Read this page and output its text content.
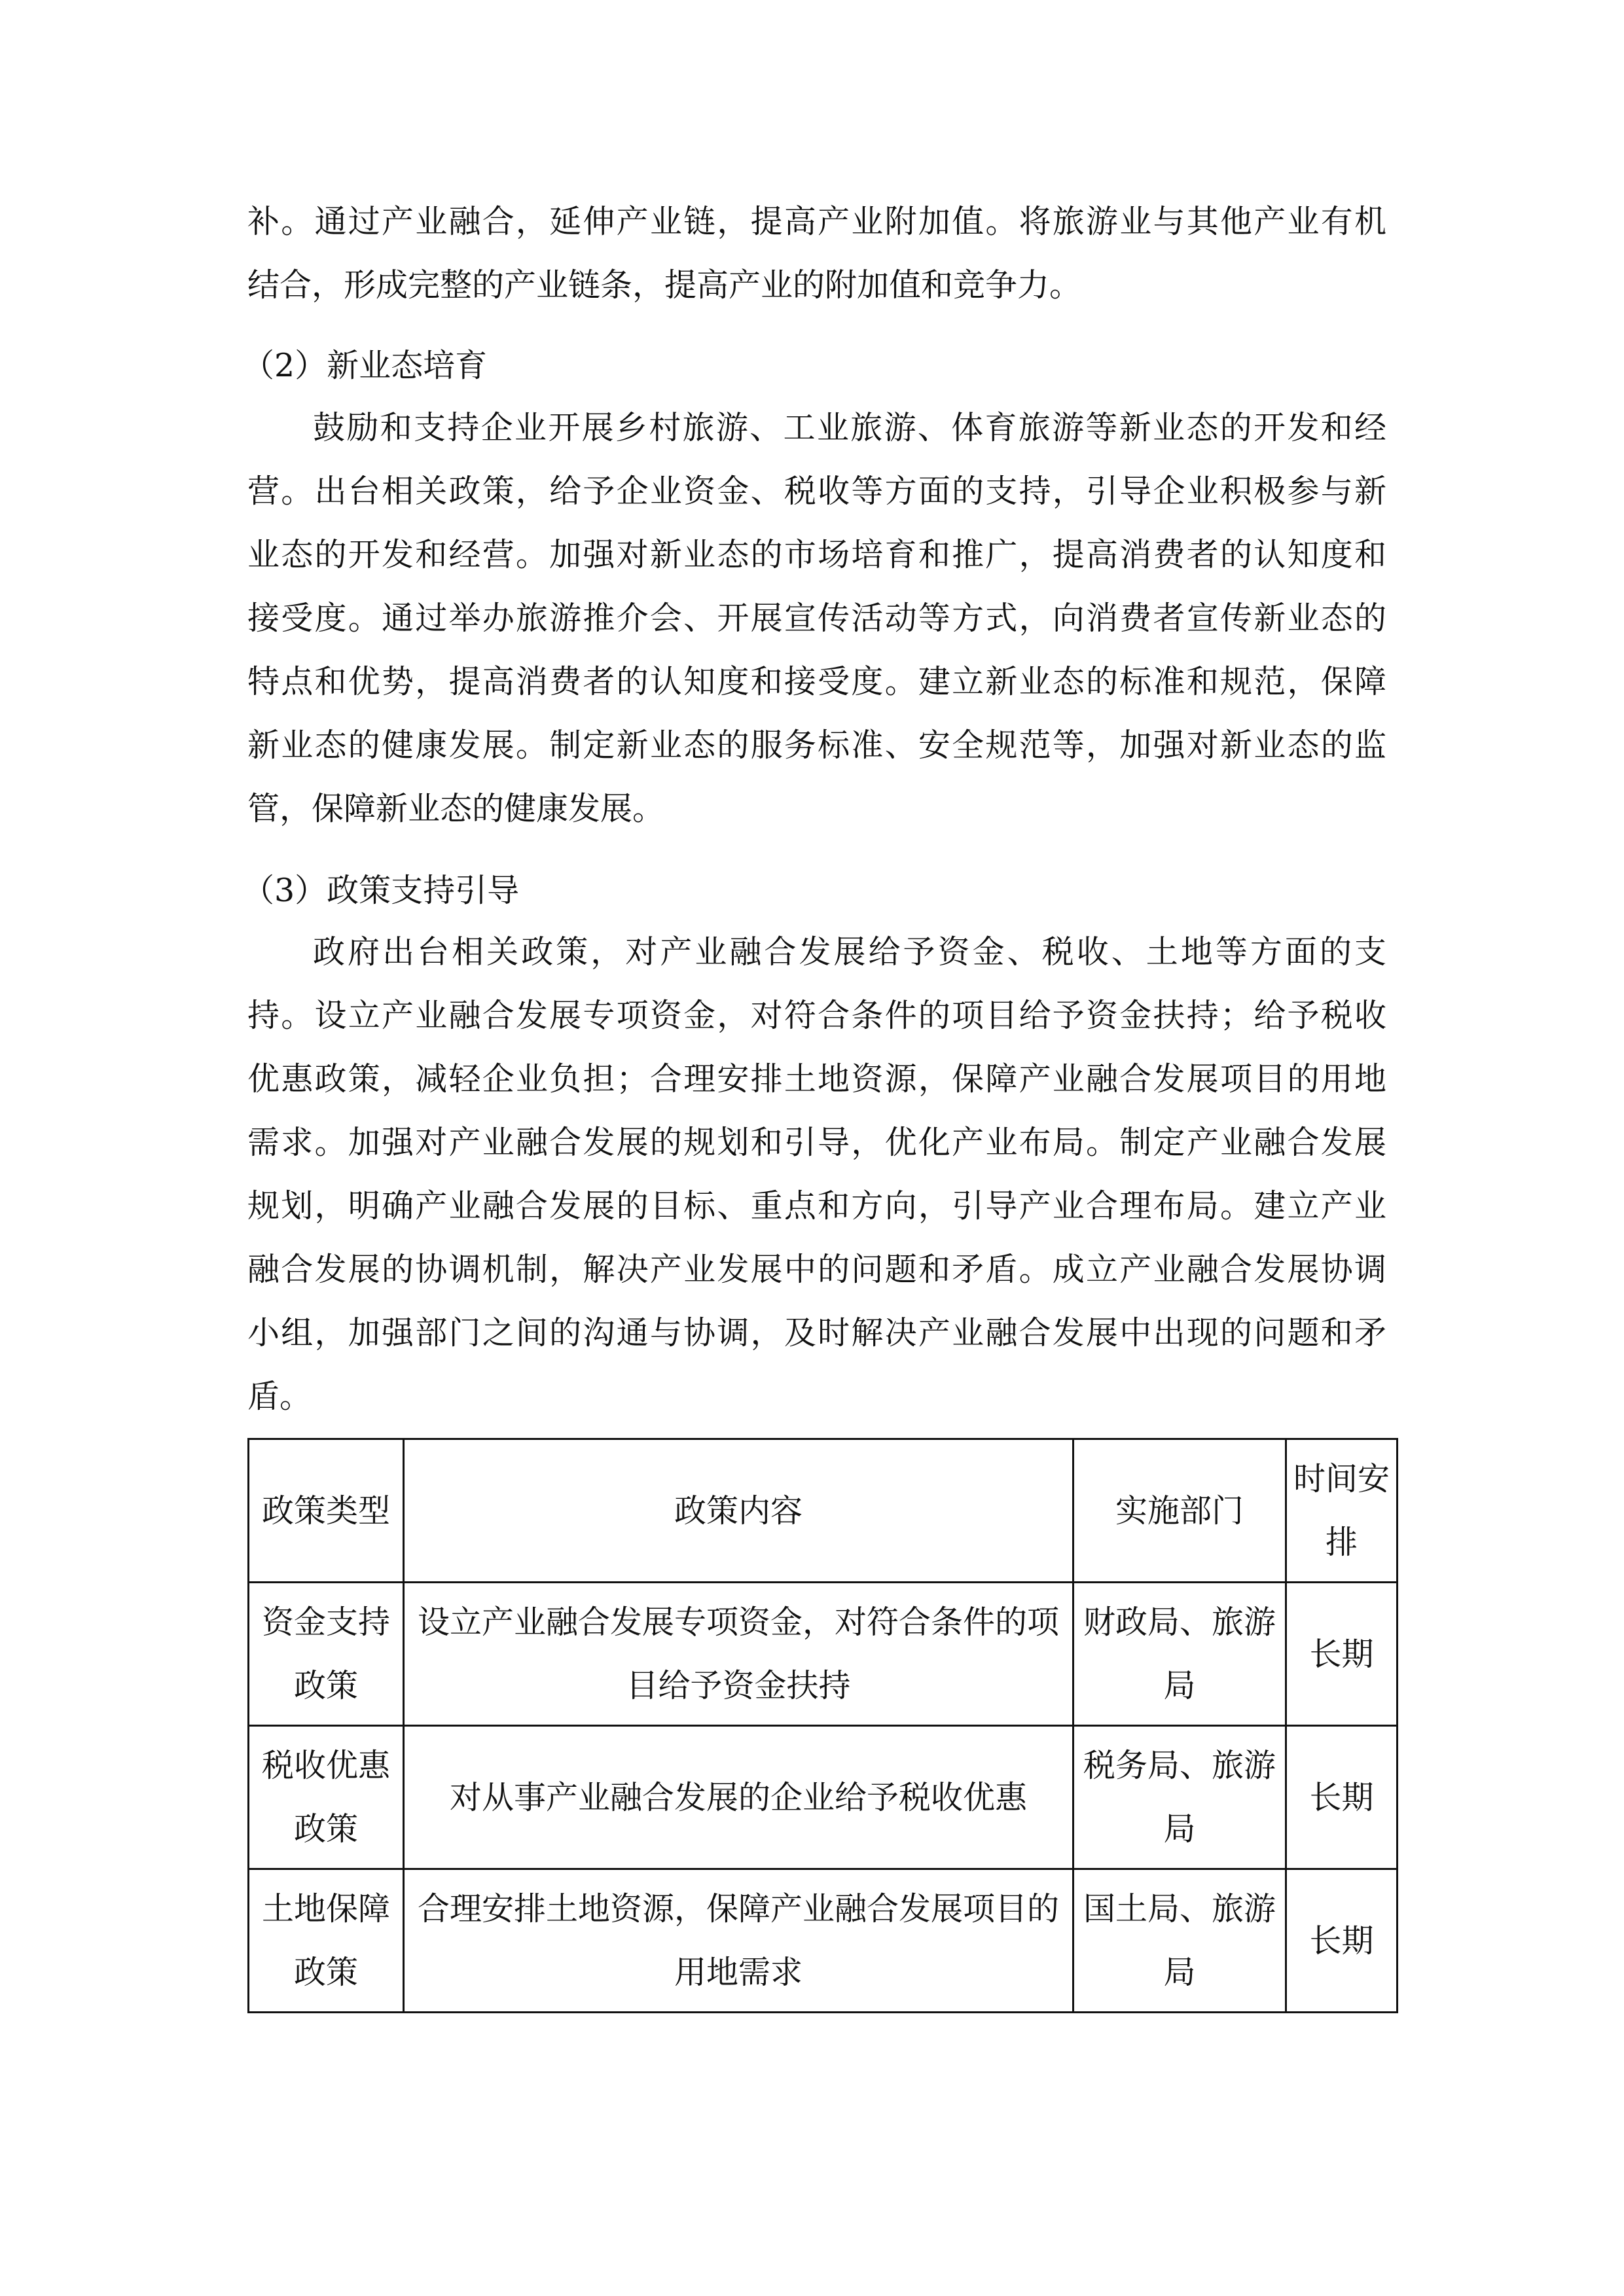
补。通过产业融合，延伸产业链，提高产业附加值。将旅游业与其他产业有机
结合，形成完整的产业链条，提高产业的附加值和竞争力。
（2）新业态培育
鼓励和支持企业开展乡村旅游、工业旅游、体育旅游等新业态的开发和经
营。出台相关政策，给予企业资金、税收等方面的支持，引导企业积极参与新
业态的开发和经营。加强对新业态的市场培育和推广，提高消费者的认知度和
接受度。通过举办旅游推介会、开展宣传活动等方式，向消费者宣传新业态的
特点和优势，提高消费者的认知度和接受度。建立新业态的标准和规范，保障
新业态的健康发展。制定新业态的服务标准、安全规范等，加强对新业态的监
管，保障新业态的健康发展。
（3）政策支持引导
政府出台相关政策，对产业融合发展给予资金、税收、土地等方面的支
持。设立产业融合发展专项资金，对符合条件的项目给予资金扶持；给予税收
优惠政策，减轻企业负担；合理安排土地资源，保障产业融合发展项目的用地
需求。加强对产业融合发展的规划和引导，优化产业布局。制定产业融合发展
规划，明确产业融合发展的目标、重点和方向，引导产业合理布局。建立产业
融合发展的协调机制，解决产业发展中的问题和矛盾。成立产业融合发展协调
小组，加强部门之间的沟通与协调，及时解决产业融合发展中出现的问题和矛
盾。
政策类型	政策内容	实施部门	时间安排
资金支持政策	设立产业融合发展专项资金，对符合条件的项目给予资金扶持	财政局、旅游局	长期
税收优惠政策	对从事产业融合发展的企业给予税收优惠	税务局、旅游局	长期
土地保障政策	合理安排土地资源，保障产业融合发展项目的用地需求	国土局、旅游局	长期
